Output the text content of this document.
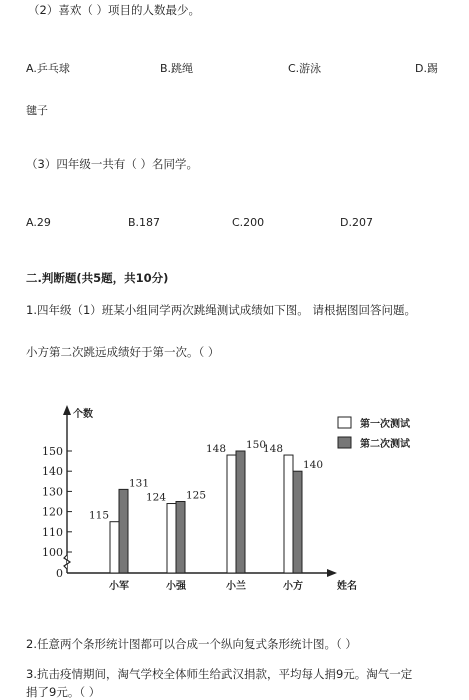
（2）喜欢（ ）项目的人数最少。
A.乒乓球	B.跳绳	C.游泳	D.踢
毽子
（3）四年级一共有（ ）名同学。
A.29	B.187	C.200	D.207
二.判断题(共5题，共10分)
1.四年级（1）班某小组同学两次跳绳测试成绩如下图。 请根据图回答问题。
小方第二次跳远成绩好于第一次。（ ）
个数
姓名
0
100
110
120
130
140
150
115
131
小军
124 125
小强
148 150
小兰
148
140
小方
第一次测试
第二次测试
2.任意两个条形统计图都可以合成一个纵向复式条形统计图。（ ）
3.抗击疫情期间，淘气学校全体师生给武汉捐款，平均每人捐9元。淘气一定
捐了9元。（ ）
